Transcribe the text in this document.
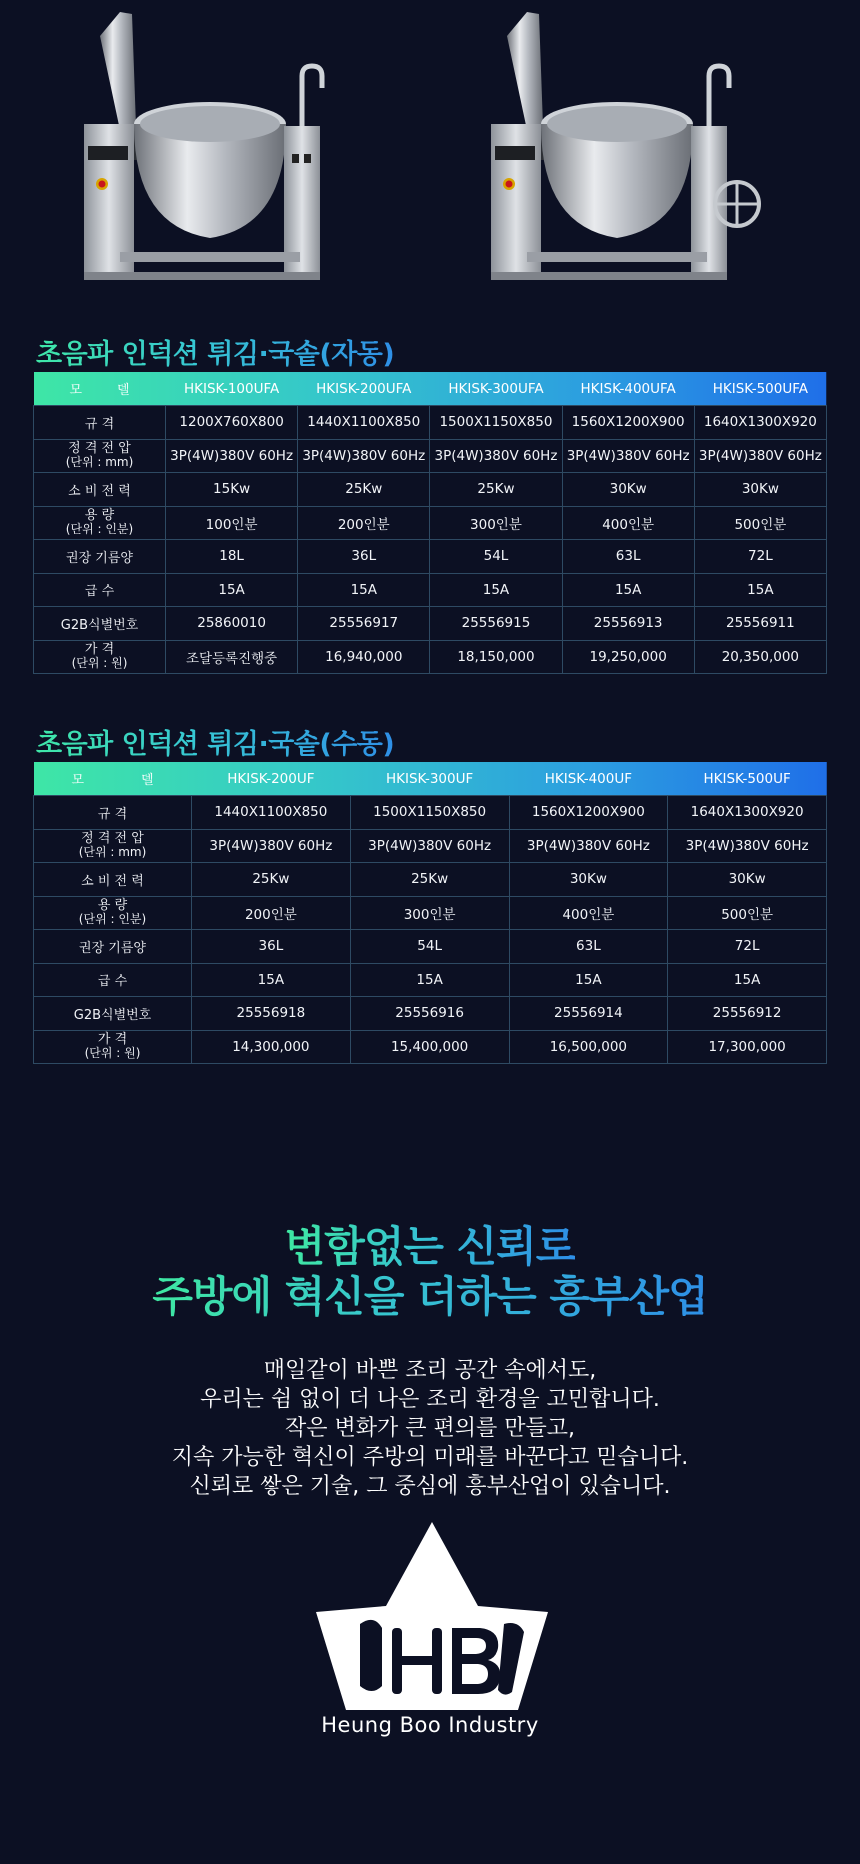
초음파 인덕션 튀김·국솥(자동)
모 델	HKISK-100UFA	HKISK-200UFA	HKISK-300UFA	HKISK-400UFA	HKISK-500UFA
규 격	1200X760X800	1440X1100X850	1500X1150X850	1560X1200X900	1640X1300X920

정 격 전 압
(단위 : mm)	3P(4W)380V 60Hz	3P(4W)380V 60Hz	3P(4W)380V 60Hz	3P(4W)380V 60Hz	3P(4W)380V 60Hz
소 비 전 력	15Kw	25Kw	25Kw	30Kw	30Kw

용 량
(단위 : 인분)	100인분	200인분	300인분	400인분	500인분
권장 기름양	18L	36L	54L	63L	72L
급 수	15A	15A	15A	15A	15A
G2B식별번호	25860010	25556917	25556915	25556913	25556911

가 격
(단위 : 원)	조달등록진행중	16,940,000	18,150,000	19,250,000	20,350,000
초음파 인덕션 튀김·국솥(수동)
모 델	HKISK-200UF	HKISK-300UF	HKISK-400UF	HKISK-500UF
규 격	1440X1100X850	1500X1150X850	1560X1200X900	1640X1300X920

정 격 전 압
(단위 : mm)	3P(4W)380V 60Hz	3P(4W)380V 60Hz	3P(4W)380V 60Hz	3P(4W)380V 60Hz
소 비 전 력	25Kw	25Kw	30Kw	30Kw

용 량
(단위 : 인분)	200인분	300인분	400인분	500인분
권장 기름양	36L	54L	63L	72L
급 수	15A	15A	15A	15A
G2B식별번호	25556918	25556916	25556914	25556912

가 격
(단위 : 원)	14,300,000	15,400,000	16,500,000	17,300,000
변함없는 신뢰로
주방에 혁신을 더하는 흥부산업
매일같이 바쁜 조리 공간 속에서도,
우리는 쉼 없이 더 나은 조리 환경을 고민합니다.
작은 변화가 큰 편의를 만들고,
지속 가능한 혁신이 주방의 미래를 바꾼다고 믿습니다.
신뢰로 쌓은 기술, 그 중심에 흥부산업이 있습니다.
Heung Boo Industry
